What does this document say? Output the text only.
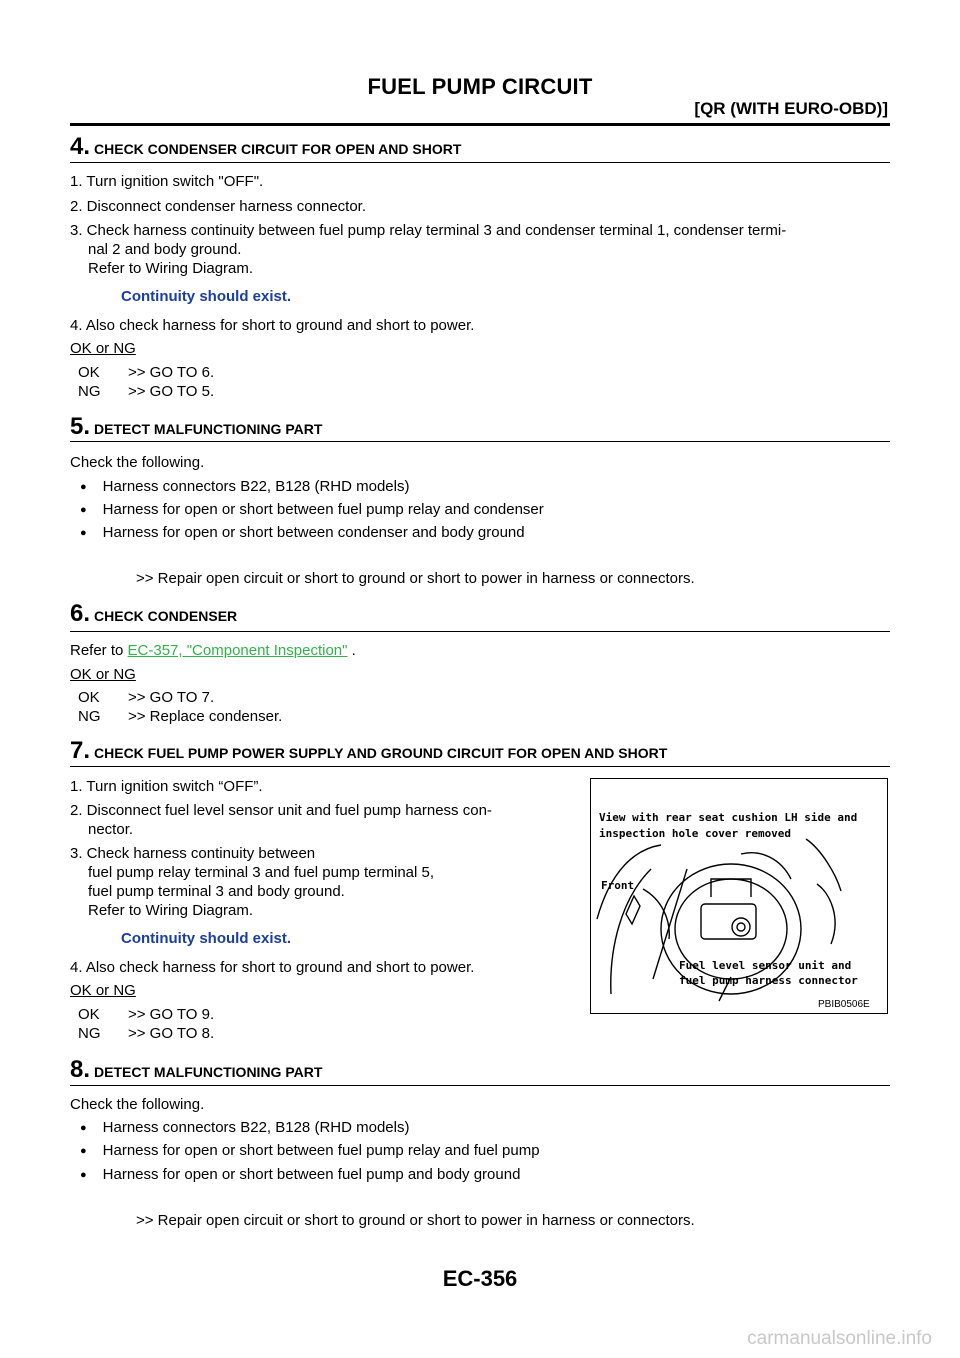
FUEL PUMP CIRCUIT
[QR (WITH EURO-OBD)]
4. CHECK CONDENSER CIRCUIT FOR OPEN AND SHORT
1. Turn ignition switch "OFF".
2. Disconnect condenser harness connector.
3. Check harness continuity between fuel pump relay terminal 3 and condenser terminal 1, condenser termi-
nal 2 and body ground.
Refer to Wiring Diagram.
Continuity should exist.
4. Also check harness for short to ground and short to power.
OK or NG
OK >> GO TO 6.
NG >> GO TO 5.
5. DETECT MALFUNCTIONING PART
Check the following.
● Harness connectors B22, B128 (RHD models)
● Harness for open or short between fuel pump relay and condenser
● Harness for open or short between condenser and body ground
>> Repair open circuit or short to ground or short to power in harness or connectors.
6. CHECK CONDENSER
Refer to EC-357, "Component Inspection" .
OK or NG
OK >> GO TO 7.
NG >> Replace condenser.
7. CHECK FUEL PUMP POWER SUPPLY AND GROUND CIRCUIT FOR OPEN AND SHORT
1. Turn ignition switch “OFF”.
2. Disconnect fuel level sensor unit and fuel pump harness con-
nector.
3. Check harness continuity between
fuel pump relay terminal 3 and fuel pump terminal 5,
fuel pump terminal 3 and body ground.
Refer to Wiring Diagram.
Continuity should exist.
4. Also check harness for short to ground and short to power.
OK or NG
OK >> GO TO 9.
NG >> GO TO 8.
View with rear seat cushion LH side and
inspection hole cover removed
Front
Fuel level sensor unit and
fuel pump harness connector
PBIB0506E
8. DETECT MALFUNCTIONING PART
Check the following.
● Harness connectors B22, B128 (RHD models)
● Harness for open or short between fuel pump relay and fuel pump
● Harness for open or short between fuel pump and body ground
>> Repair open circuit or short to ground or short to power in harness or connectors.
EC-356
carmanualsonline.info
